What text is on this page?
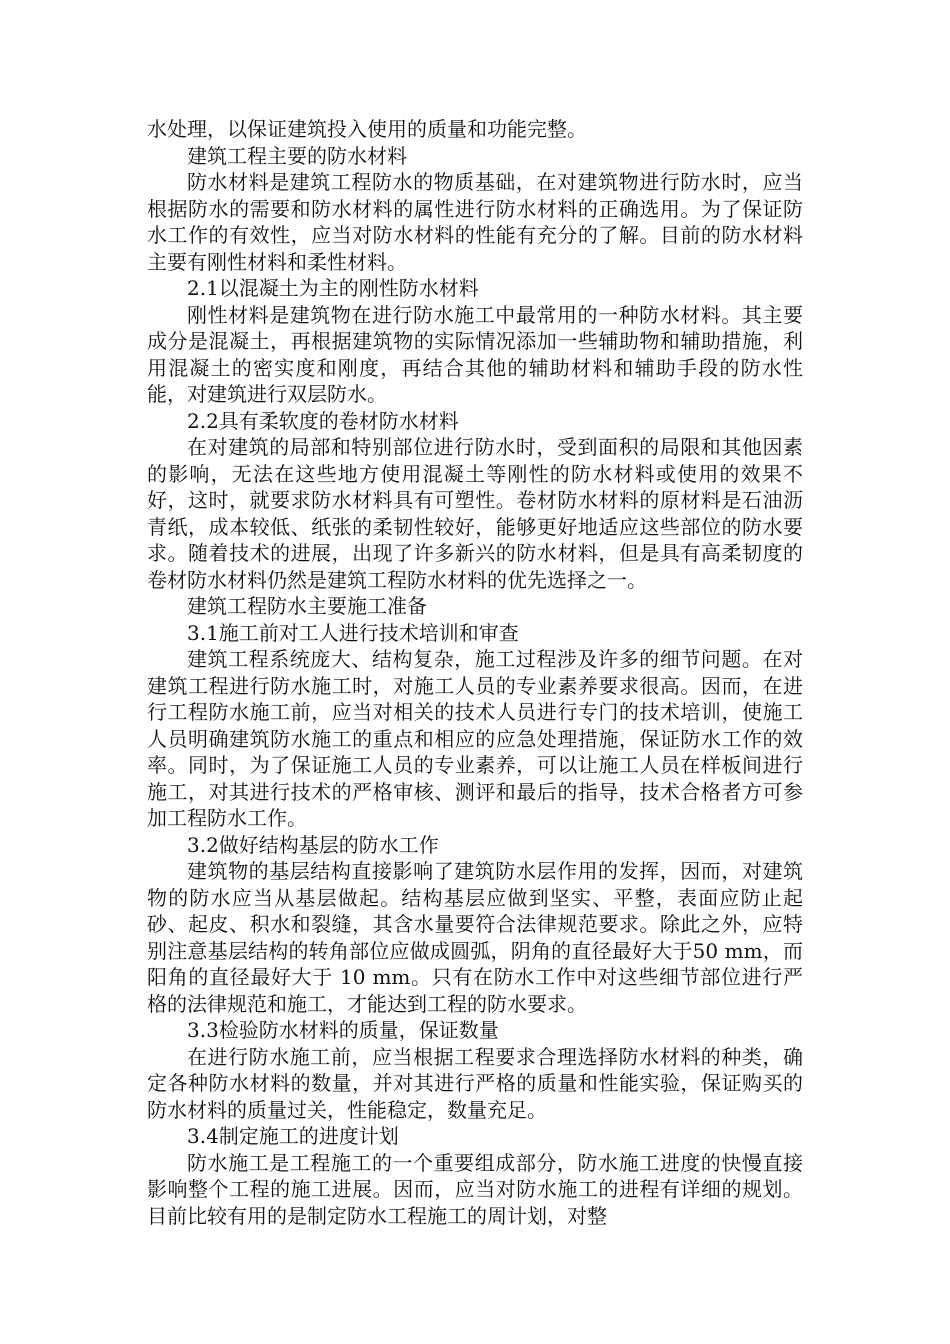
水处理，以保证建筑投入使用的质量和功能完整。

建筑工程主要的防水材料

防水材料是建筑工程防水的物质基础，在对建筑物进行防水时，应当根据防水的需要和防水材料的属性进行防水材料的正确选用。为了保证防水工作的有效性，应当对防水材料的性能有充分的了解。目前的防水材料主要有刚性材料和柔性材料。

2.1以混凝土为主的刚性防水材料

刚性材料是建筑物在进行防水施工中最常用的一种防水材料。其主要成分是混凝土，再根据建筑物的实际情况添加一些辅助物和辅助措施，利用混凝土的密实度和刚度，再结合其他的辅助材料和辅助手段的防水性能，对建筑进行双层防水。

2.2具有柔软度的卷材防水材料

在对建筑的局部和特别部位进行防水时，受到面积的局限和其他因素的影响，无法在这些地方使用混凝土等刚性的防水材料或使用的效果不好，这时，就要求防水材料具有可塑性。卷材防水材料的原材料是石油沥青纸，成本较低、纸张的柔韧性较好，能够更好地适应这些部位的防水要求。随着技术的进展，出现了许多新兴的防水材料，但是具有高柔韧度的卷材防水材料仍然是建筑工程防水材料的优先选择之一。

建筑工程防水主要施工准备

3.1施工前对工人进行技术培训和审查

建筑工程系统庞大、结构复杂，施工过程涉及许多的细节问题。在对建筑工程进行防水施工时，对施工人员的专业素养要求很高。因而，在进行工程防水施工前，应当对相关的技术人员进行专门的技术培训，使施工人员明确建筑防水施工的重点和相应的应急处理措施，保证防水工作的效率。同时，为了保证施工人员的专业素养，可以让施工人员在样板间进行施工，对其进行技术的严格审核、测评和最后的指导，技术合格者方可参加工程防水工作。

3.2做好结构基层的防水工作

建筑物的基层结构直接影响了建筑防水层作用的发挥，因而，对建筑物的防水应当从基层做起。结构基层应做到坚实、平整，表面应防止起砂、起皮、积水和裂缝，其含水量要符合法律规范要求。除此之外，应特别注意基层结构的转角部位应做成圆弧，阴角的直径最好大于50 mm，而阳角的直径最好大于 10 mm。只有在防水工作中对这些细节部位进行严格的法律规范和施工，才能达到工程的防水要求。

3.3检验防水材料的质量，保证数量

在进行防水施工前，应当根据工程要求合理选择防水材料的种类，确定各种防水材料的数量，并对其进行严格的质量和性能实验，保证购买的防水材料的质量过关，性能稳定，数量充足。

3.4制定施工的进度计划

防水施工是工程施工的一个重要组成部分，防水施工进度的快慢直接影响整个工程的施工进展。因而，应当对防水施工的进程有详细的规划。目前比较有用的是制定防水工程施工的周计划，对整
